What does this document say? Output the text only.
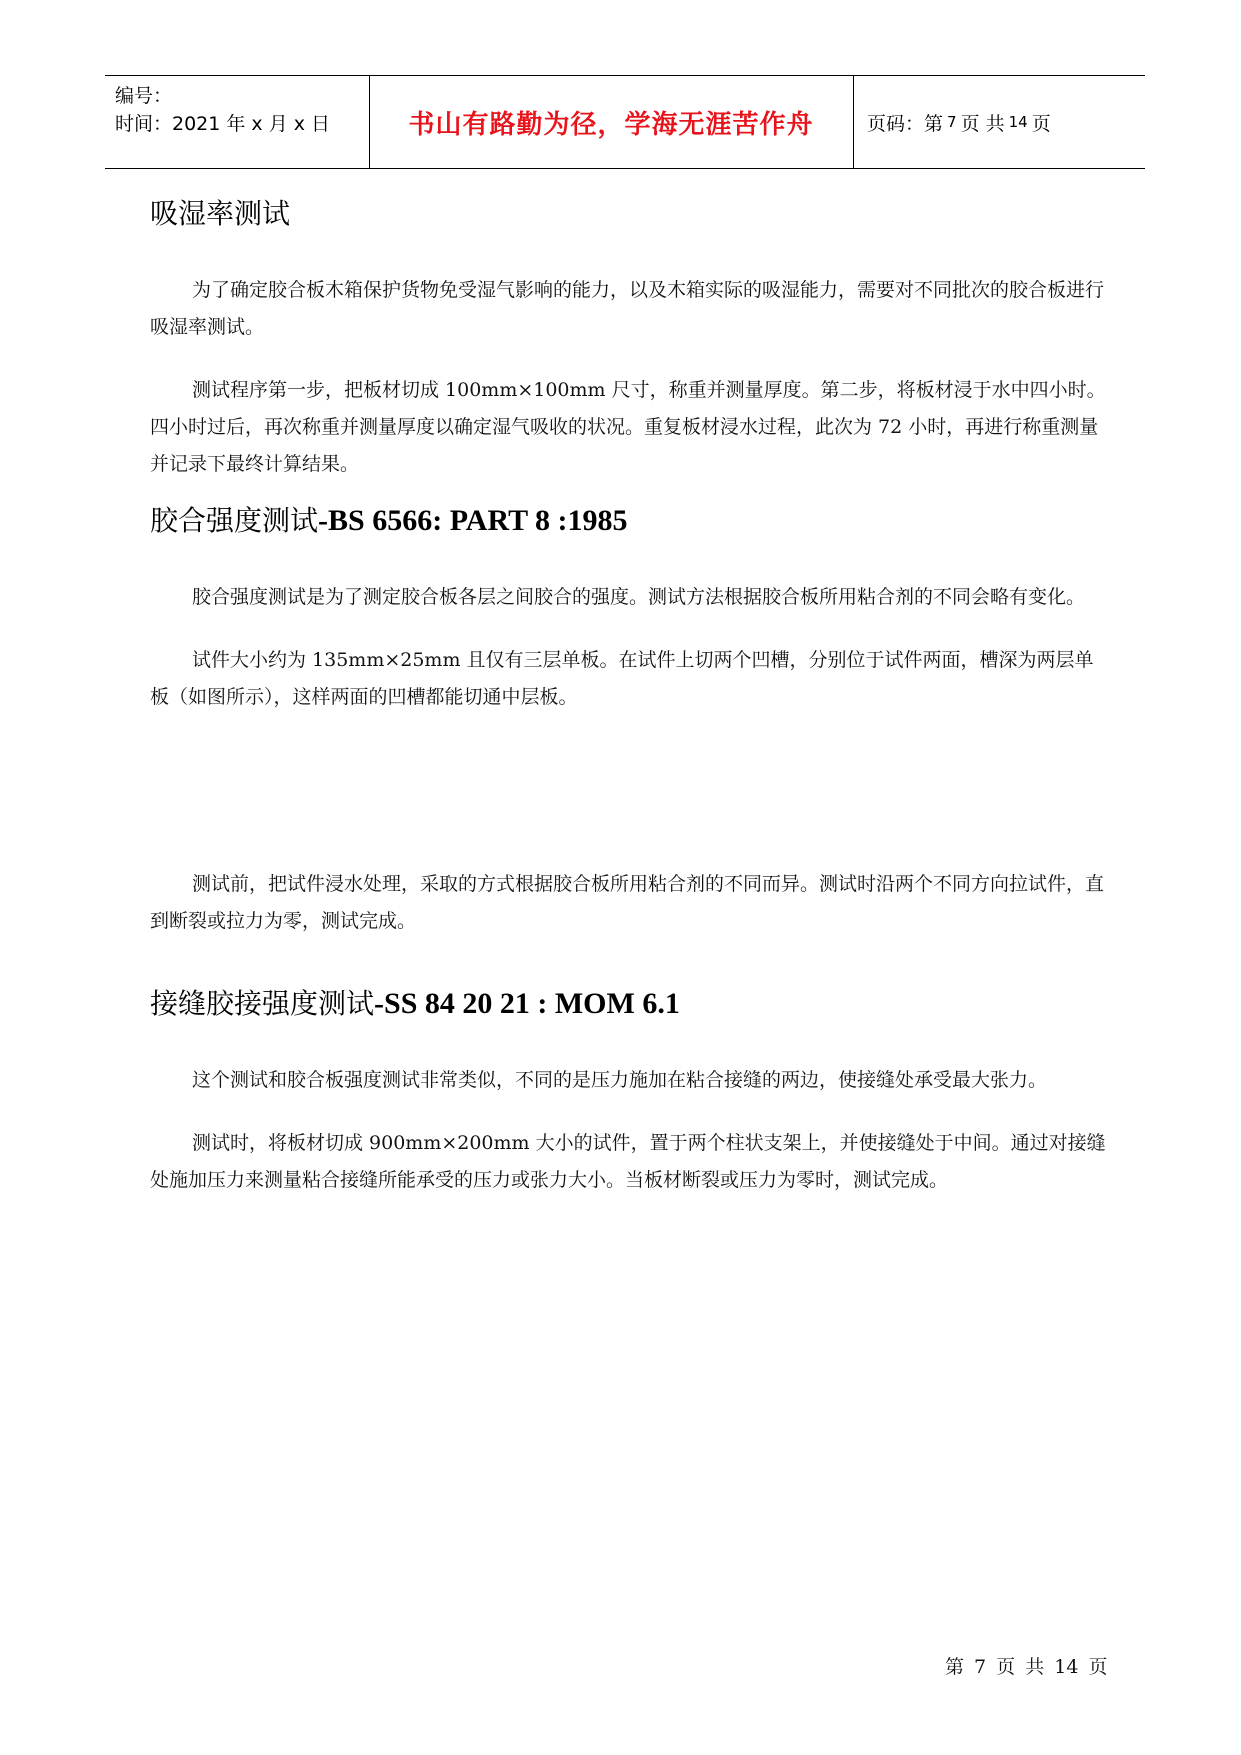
编号：
时间：2021 年 x 月 x 日	书山有路勤为径，学海无涯苦作舟	页码：第 7 页 共 14 页
吸湿率测试

为了确定胶合板木箱保护货物免受湿气影响的能力，以及木箱实际的吸湿能力，需要对不同批次的胶合板进行吸湿率测试。

测试程序第一步，把板材切成 100mm×100mm 尺寸，称重并测量厚度。第二步，将板材浸于水中四小时。四小时过后，再次称重并测量厚度以确定湿气吸收的状况。重复板材浸水过程，此次为 72 小时，再进行称重测量并记录下最终计算结果。

胶合强度测试-BS 6566: PART 8 :1985

胶合强度测试是为了测定胶合板各层之间胶合的强度。测试方法根据胶合板所用粘合剂的不同会略有变化。

试件大小约为 135mm×25mm 且仅有三层单板。在试件上切两个凹槽，分别位于试件两面，槽深为两层单板（如图所示），这样两面的凹槽都能切通中层板。

测试前，把试件浸水处理，采取的方式根据胶合板所用粘合剂的不同而异。测试时沿两个不同方向拉试件，直到断裂或拉力为零，测试完成。

接缝胶接强度测试-SS 84 20 21 : MOM 6.1

这个测试和胶合板强度测试非常类似，不同的是压力施加在粘合接缝的两边，使接缝处承受最大张力。

测试时，将板材切成 900mm×200mm 大小的试件，置于两个柱状支架上，并使接缝处于中间。通过对接缝处施加压力来测量粘合接缝所能承受的压力或张力大小。当板材断裂或压力为零时，测试完成。

第 7 页 共 14 页
